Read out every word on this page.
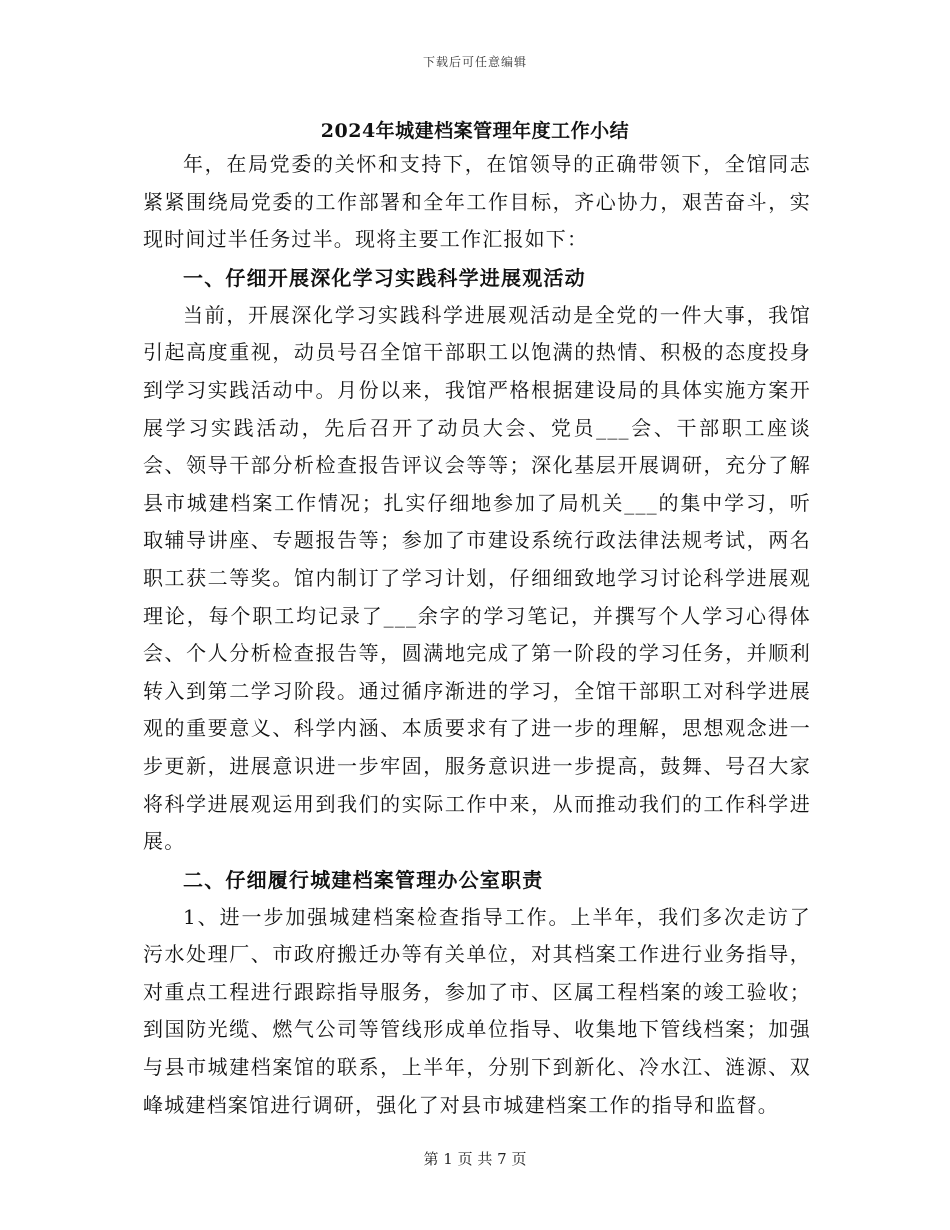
下载后可任意编辑
2024年城建档案管理年度工作小结

年，在局党委的关怀和支持下，在馆领导的正确带领下，全馆同志紧紧围绕局党委的工作部署和全年工作目标，齐心协力，艰苦奋斗，实现时间过半任务过半。现将主要工作汇报如下：

一、仔细开展深化学习实践科学进展观活动

当前，开展深化学习实践科学进展观活动是全党的一件大事，我馆引起高度重视，动员号召全馆干部职工以饱满的热情、积极的态度投身到学习实践活动中。月份以来，我馆严格根据建设局的具体实施方案开展学习实践活动，先后召开了动员大会、党员___会、干部职工座谈会、领导干部分析检查报告评议会等等；深化基层开展调研，充分了解县市城建档案工作情况；扎实仔细地参加了局机关___的集中学习，听取辅导讲座、专题报告等；参加了市建设系统行政法律法规考试，两名职工获二等奖。馆内制订了学习计划，仔细细致地学习讨论科学进展观理论，每个职工均记录了___余字的学习笔记，并撰写个人学习心得体会、个人分析检查报告等，圆满地完成了第一阶段的学习任务，并顺利转入到第二学习阶段。通过循序渐进的学习，全馆干部职工对科学进展观的重要意义、科学内涵、本质要求有了进一步的理解，思想观念进一步更新，进展意识进一步牢固，服务意识进一步提高，鼓舞、号召大家将科学进展观运用到我们的实际工作中来，从而推动我们的工作科学进展。

二、仔细履行城建档案管理办公室职责

1、进一步加强城建档案检查指导工作。上半年，我们多次走访了污水处理厂、市政府搬迁办等有关单位，对其档案工作进行业务指导，对重点工程进行跟踪指导服务，参加了市、区属工程档案的竣工验收；到国防光缆、燃气公司等管线形成单位指导、收集地下管线档案；加强与县市城建档案馆的联系，上半年，分别下到新化、冷水江、涟源、双峰城建档案馆进行调研，强化了对县市城建档案工作的指导和监督。

第 1 页 共 7 页
